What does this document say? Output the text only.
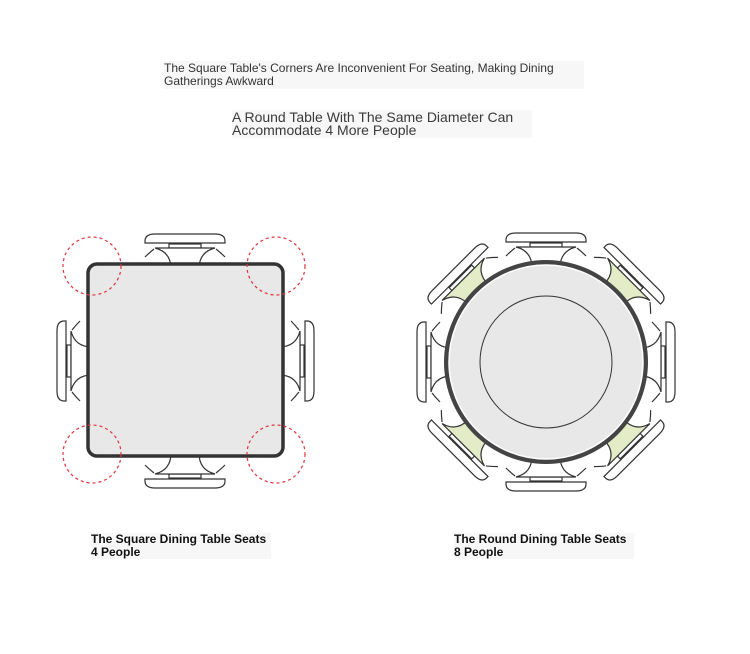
The Square Table's Corners Are Inconvenient For Seating, Making Dining Gatherings Awkward
A Round Table With The Same Diameter Can Accommodate 4 More People
The Square Dining Table Seats 4 People
The Round Dining Table Seats 8 People
